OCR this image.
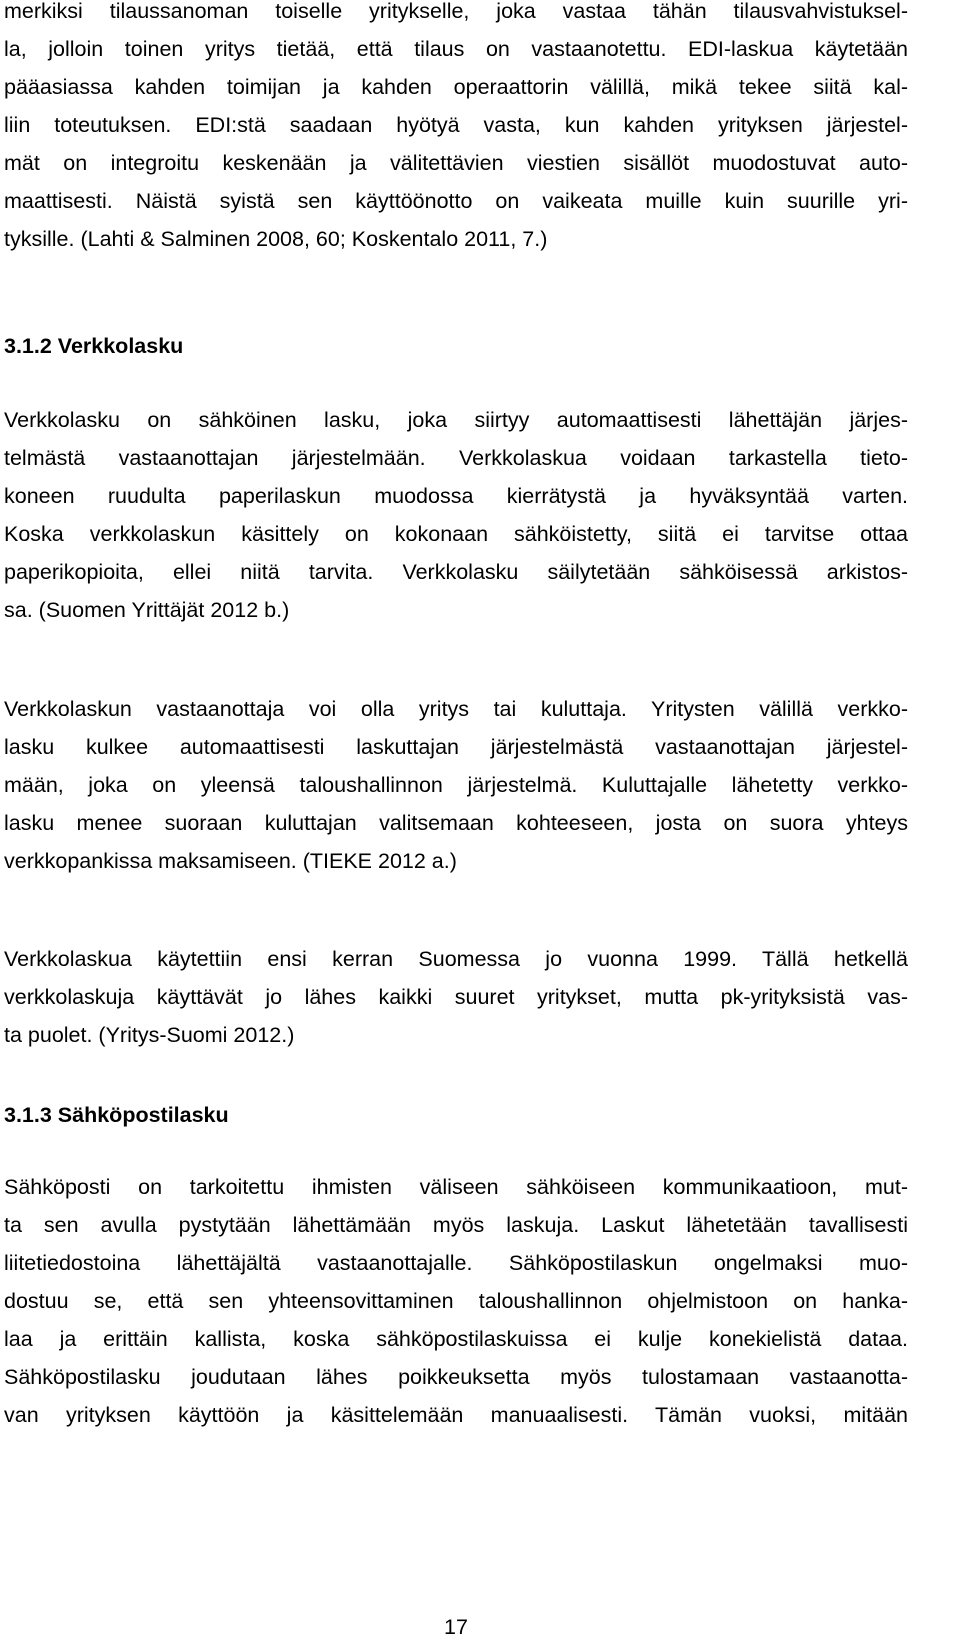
merkiksi tilaussanoman toiselle yritykselle, joka vastaa tähän tilausvahvistuksel-
la, jolloin toinen yritys tietää, että tilaus on vastaanotettu. EDI-laskua käytetään
pääasiassa kahden toimijan ja kahden operaattorin välillä, mikä tekee siitä kal-
liin toteutuksen. EDI:stä saadaan hyötyä vasta, kun kahden yrityksen järjestel-
mät on integroitu keskenään ja välitettävien viestien sisällöt muodostuvat auto-
maattisesti. Näistä syistä sen käyttöönotto on vaikeata muille kuin suurille yri-
tyksille. (Lahti & Salminen 2008, 60; Koskentalo 2011, 7.)
3.1.2 Verkkolasku
Verkkolasku on sähköinen lasku, joka siirtyy automaattisesti lähettäjän järjes-
telmästä vastaanottajan järjestelmään. Verkkolaskua voidaan tarkastella tieto-
koneen ruudulta paperilaskun muodossa kierrätystä ja hyväksyntää varten.
Koska verkkolaskun käsittely on kokonaan sähköistetty, siitä ei tarvitse ottaa
paperikopioita, ellei niitä tarvita. Verkkolasku säilytetään sähköisessä arkistos-
sa. (Suomen Yrittäjät 2012 b.)
Verkkolaskun vastaanottaja voi olla yritys tai kuluttaja. Yritysten välillä verkko-
lasku kulkee automaattisesti laskuttajan järjestelmästä vastaanottajan järjestel-
mään, joka on yleensä taloushallinnon järjestelmä. Kuluttajalle lähetetty verkko-
lasku menee suoraan kuluttajan valitsemaan kohteeseen, josta on suora yhteys
verkkopankissa maksamiseen. (TIEKE 2012 a.)
Verkkolaskua käytettiin ensi kerran Suomessa jo vuonna 1999. Tällä hetkellä
verkkolaskuja käyttävät jo lähes kaikki suuret yritykset, mutta pk-yrityksistä vas-
ta puolet. (Yritys-Suomi 2012.)
3.1.3 Sähköpostilasku
Sähköposti on tarkoitettu ihmisten väliseen sähköiseen kommunikaatioon, mut-
ta sen avulla pystytään lähettämään myös laskuja. Laskut lähetetään tavallisesti
liitetiedostoina lähettäjältä vastaanottajalle. Sähköpostilaskun ongelmaksi muo-
dostuu se, että sen yhteensovittaminen taloushallinnon ohjelmistoon on hanka-
laa ja erittäin kallista, koska sähköpostilaskuissa ei kulje konekielistä dataa.
Sähköpostilasku joudutaan lähes poikkeuksetta myös tulostamaan vastaanotta-
van yrityksen käyttöön ja käsittelemään manuaalisesti. Tämän vuoksi, mitään
17
